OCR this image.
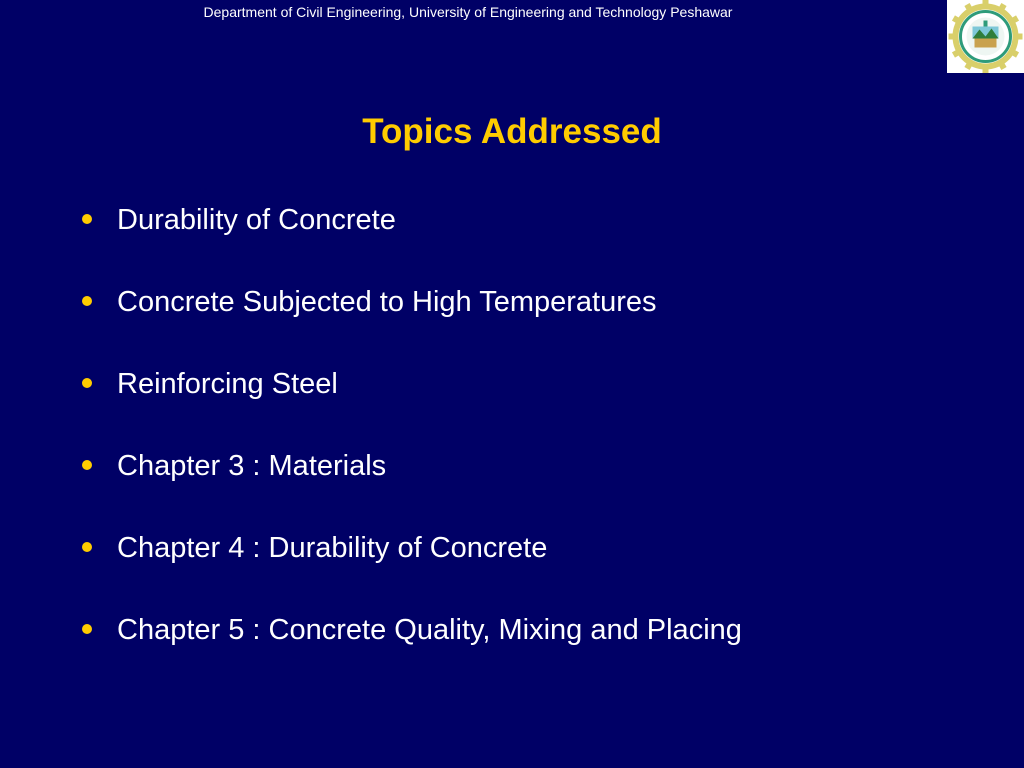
Department of Civil Engineering, University of Engineering and Technology Peshawar
Topics Addressed
Durability of Concrete
Concrete Subjected to High Temperatures
Reinforcing Steel
Chapter 3 : Materials
Chapter 4 : Durability of Concrete
Chapter 5 : Concrete Quality, Mixing and Placing
